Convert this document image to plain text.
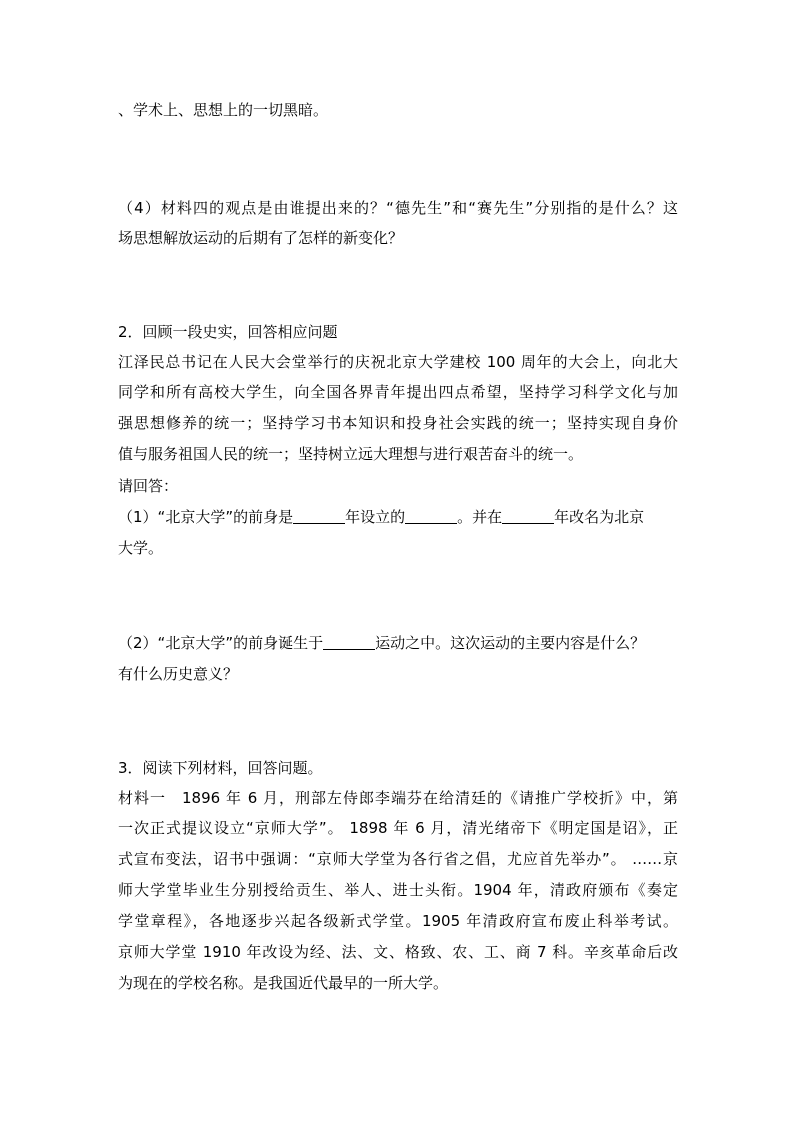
、学术上、思想上的一切黑暗。
（4）材料四的观点是由谁提出来的？“德先生”和“赛先生”分别指的是什么？这
场思想解放运动的后期有了怎样的新变化？
2．回顾一段史实，回答相应问题
江泽民总书记在人民大会堂举行的庆祝北京大学建校 100 周年的大会上，向北大
同学和所有高校大学生，向全国各界青年提出四点希望，坚持学习科学文化与加
强思想修养的统一；坚持学习书本知识和投身社会实践的统一；坚持实现自身价
值与服务祖国人民的统一；坚持树立远大理想与进行艰苦奋斗的统一。
请回答：
（1）“北京大学”的前身是	年设立的	。并在	年改名为北京
大学。
（2）“北京大学”的前身诞生于	运动之中。这次运动的主要内容是什么？
有什么历史意义？
3．阅读下列材料，回答问题。
材料一　1896 年 6 月，刑部左侍郎李端芬在给清廷的《请推广学校折》中，第
一次正式提议设立“京师大学”。 1898 年 6 月，清光绪帝下《明定国是诏》，正
式宣布变法，诏书中强调：“京师大学堂为各行省之倡，尤应首先举办”。 ……京
师大学堂毕业生分别授给贡生、举人、进士头衔。1904 年，清政府颁布《奏定
学堂章程》，各地逐步兴起各级新式学堂。1905 年清政府宣布废止科举考试。
京师大学堂 1910 年改设为经、法、文、格致、农、工、商 7 科。辛亥革命后改
为现在的学校名称。是我国近代最早的一所大学。
